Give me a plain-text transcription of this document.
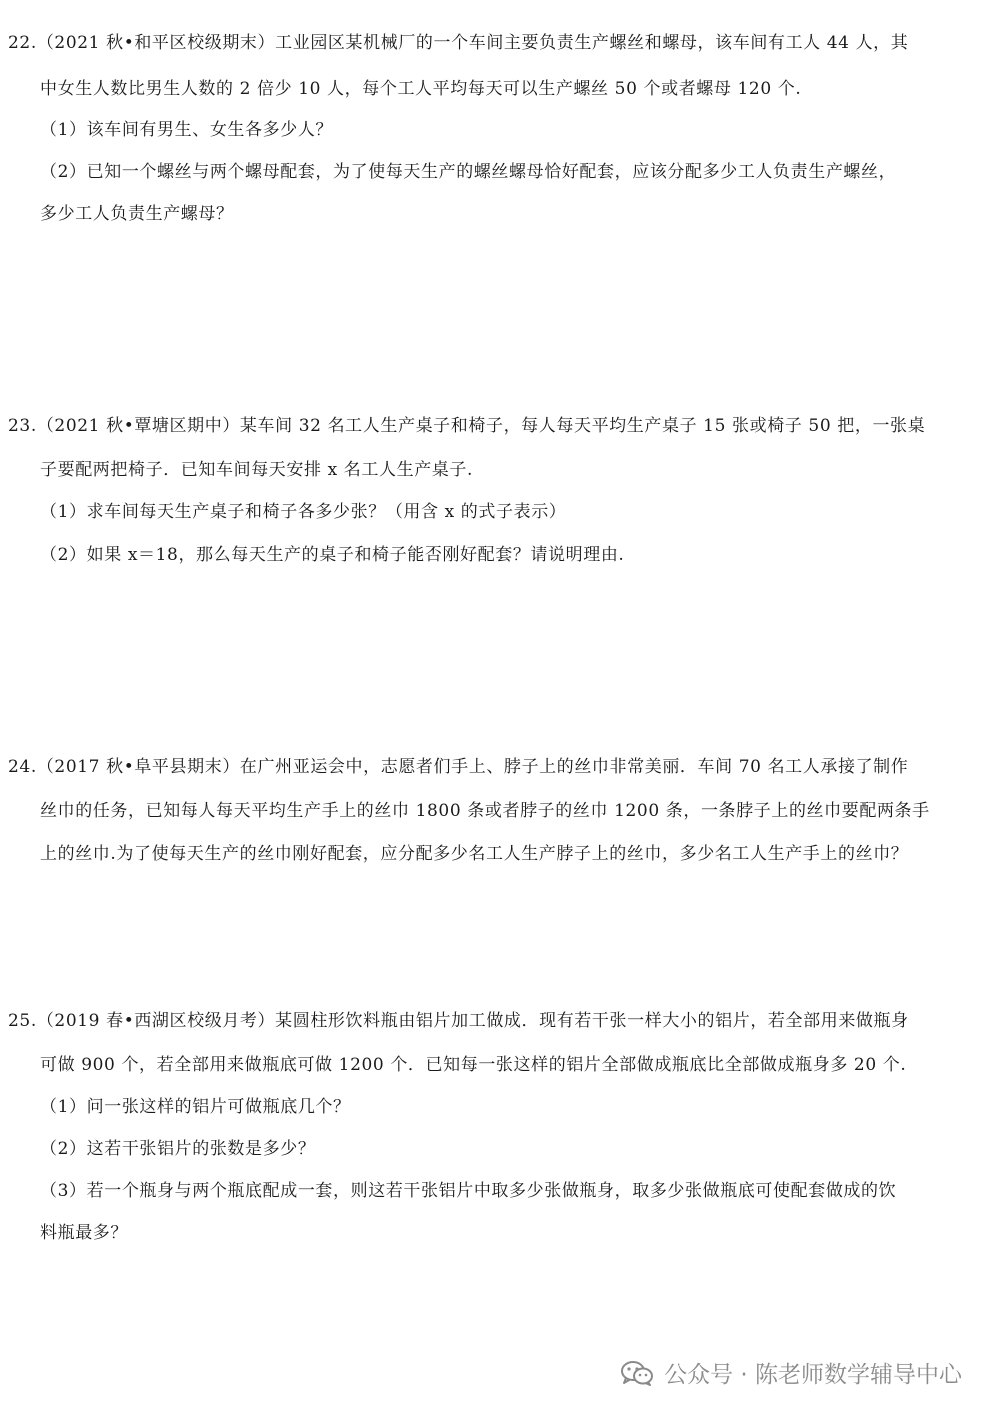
22.（2021 秋•和平区校级期末）工业园区某机械厂的一个车间主要负责生产螺丝和螺母，该车间有工人 44 人，其
中女生人数比男生人数的 2 倍少 10 人，每个工人平均每天可以生产螺丝 50 个或者螺母 120 个.
（1）该车间有男生、女生各多少人？
（2）已知一个螺丝与两个螺母配套，为了使每天生产的螺丝螺母恰好配套，应该分配多少工人负责生产螺丝，
多少工人负责生产螺母？
23.（2021 秋•覃塘区期中）某车间 32 名工人生产桌子和椅子，每人每天平均生产桌子 15 张或椅子 50 把，一张桌
子要配两把椅子．已知车间每天安排 x 名工人生产桌子.
（1）求车间每天生产桌子和椅子各多少张？（用含 x 的式子表示）
（2）如果 x＝18，那么每天生产的桌子和椅子能否刚好配套？请说明理由.
24.（2017 秋•阜平县期末）在广州亚运会中，志愿者们手上、脖子上的丝巾非常美丽．车间 70 名工人承接了制作
丝巾的任务，已知每人每天平均生产手上的丝巾 1800 条或者脖子的丝巾 1200 条，一条脖子上的丝巾要配两条手
上的丝巾.为了使每天生产的丝巾刚好配套，应分配多少名工人生产脖子上的丝巾，多少名工人生产手上的丝巾？
25.（2019 春•西湖区校级月考）某圆柱形饮料瓶由铝片加工做成．现有若干张一样大小的铝片，若全部用来做瓶身
可做 900 个，若全部用来做瓶底可做 1200 个．已知每一张这样的铝片全部做成瓶底比全部做成瓶身多 20 个.
（1）问一张这样的铝片可做瓶底几个？
（2）这若干张铝片的张数是多少？
（3）若一个瓶身与两个瓶底配成一套，则这若干张铝片中取多少张做瓶身，取多少张做瓶底可使配套做成的饮
料瓶最多？
公众号 · 陈老师数学辅导中心
